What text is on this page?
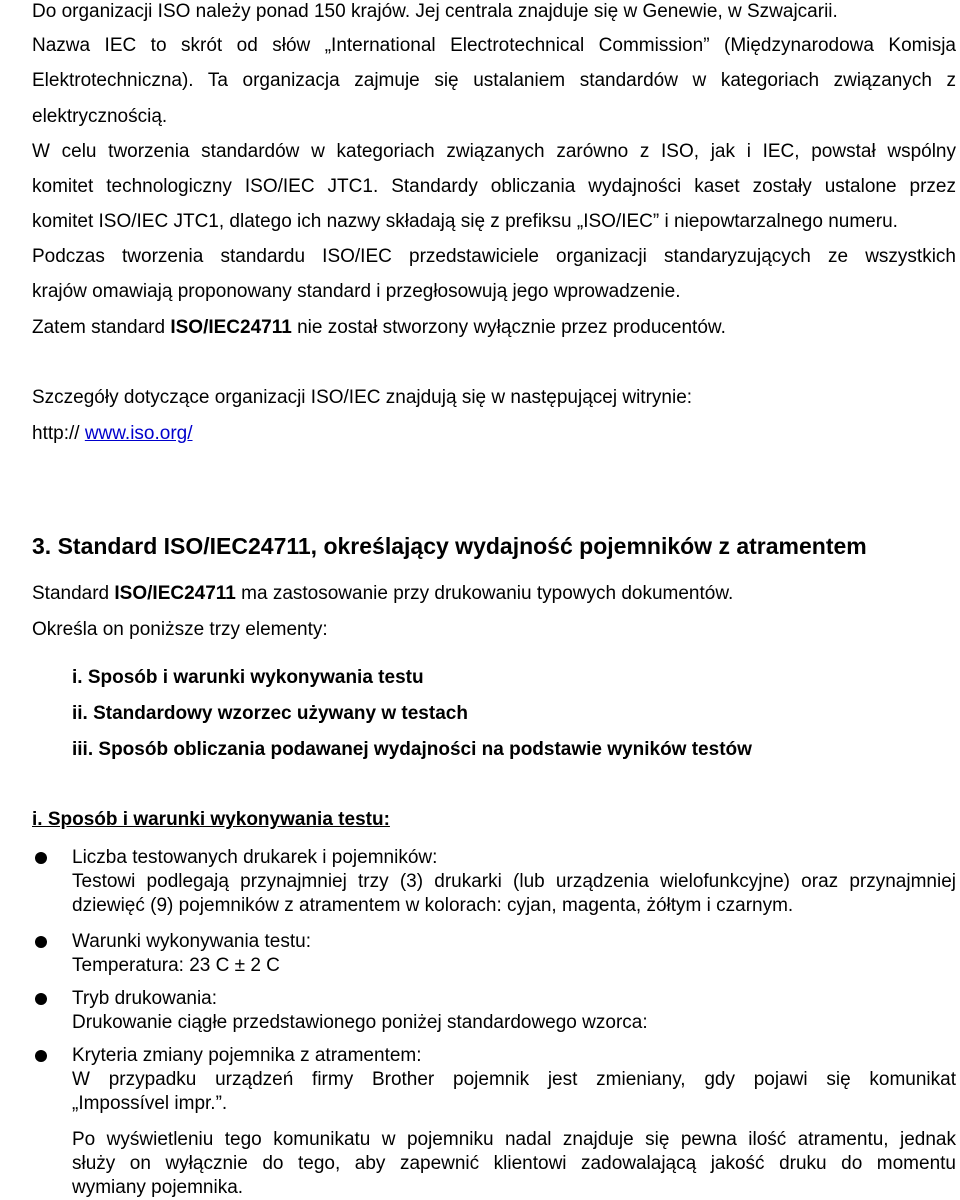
Do organizacji ISO należy ponad 150 krajów. Jej centrala znajduje się w Genewie, w Szwajcarii.
Nazwa IEC to skrót od słów „International Electrotechnical Commission” (Międzynarodowa Komisja
Elektrotechniczna). Ta organizacja zajmuje się ustalaniem standardów w kategoriach związanych z
elektrycznością.
W celu tworzenia standardów w kategoriach związanych zarówno z ISO, jak i IEC, powstał wspólny
komitet technologiczny ISO/IEC JTC1. Standardy obliczania wydajności kaset zostały ustalone przez
komitet ISO/IEC JTC1, dlatego ich nazwy składają się z prefiksu „ISO/IEC” i niepowtarzalnego numeru.
Podczas tworzenia standardu ISO/IEC przedstawiciele organizacji standaryzujących ze wszystkich
krajów omawiają proponowany standard i przegłosowują jego wprowadzenie.
Zatem standard ISO/IEC24711 nie został stworzony wyłącznie przez producentów.
Szczegóły dotyczące organizacji ISO/IEC znajdują się w następującej witrynie:
http:// www.iso.org/
3. Standard ISO/IEC24711, określający wydajność pojemników z atramentem
Standard ISO/IEC24711 ma zastosowanie przy drukowaniu typowych dokumentów.
Określa on poniższe trzy elementy:
i. Sposób i warunki wykonywania testu
ii. Standardowy wzorzec używany w testach
iii. Sposób obliczania podawanej wydajności na podstawie wyników testów
i. Sposób i warunki wykonywania testu:
Liczba testowanych drukarek i pojemników:
Testowi podlegają przynajmniej trzy (3) drukarki (lub urządzenia wielofunkcyjne) oraz przynajmniej
dziewięć (9) pojemników z atramentem w kolorach: cyjan, magenta, żółtym i czarnym.
Warunki wykonywania testu:
Temperatura: 23 C ± 2 C
Tryb drukowania:
Drukowanie ciągłe przedstawionego poniżej standardowego wzorca:
Kryteria zmiany pojemnika z atramentem:
W przypadku urządzeń firmy Brother pojemnik jest zmieniany, gdy pojawi się komunikat
„Impossível impr.”.
Po wyświetleniu tego komunikatu w pojemniku nadal znajduje się pewna ilość atramentu, jednak
służy on wyłącznie do tego, aby zapewnić klientowi zadowalającą jakość druku do momentu
wymiany pojemnika.
